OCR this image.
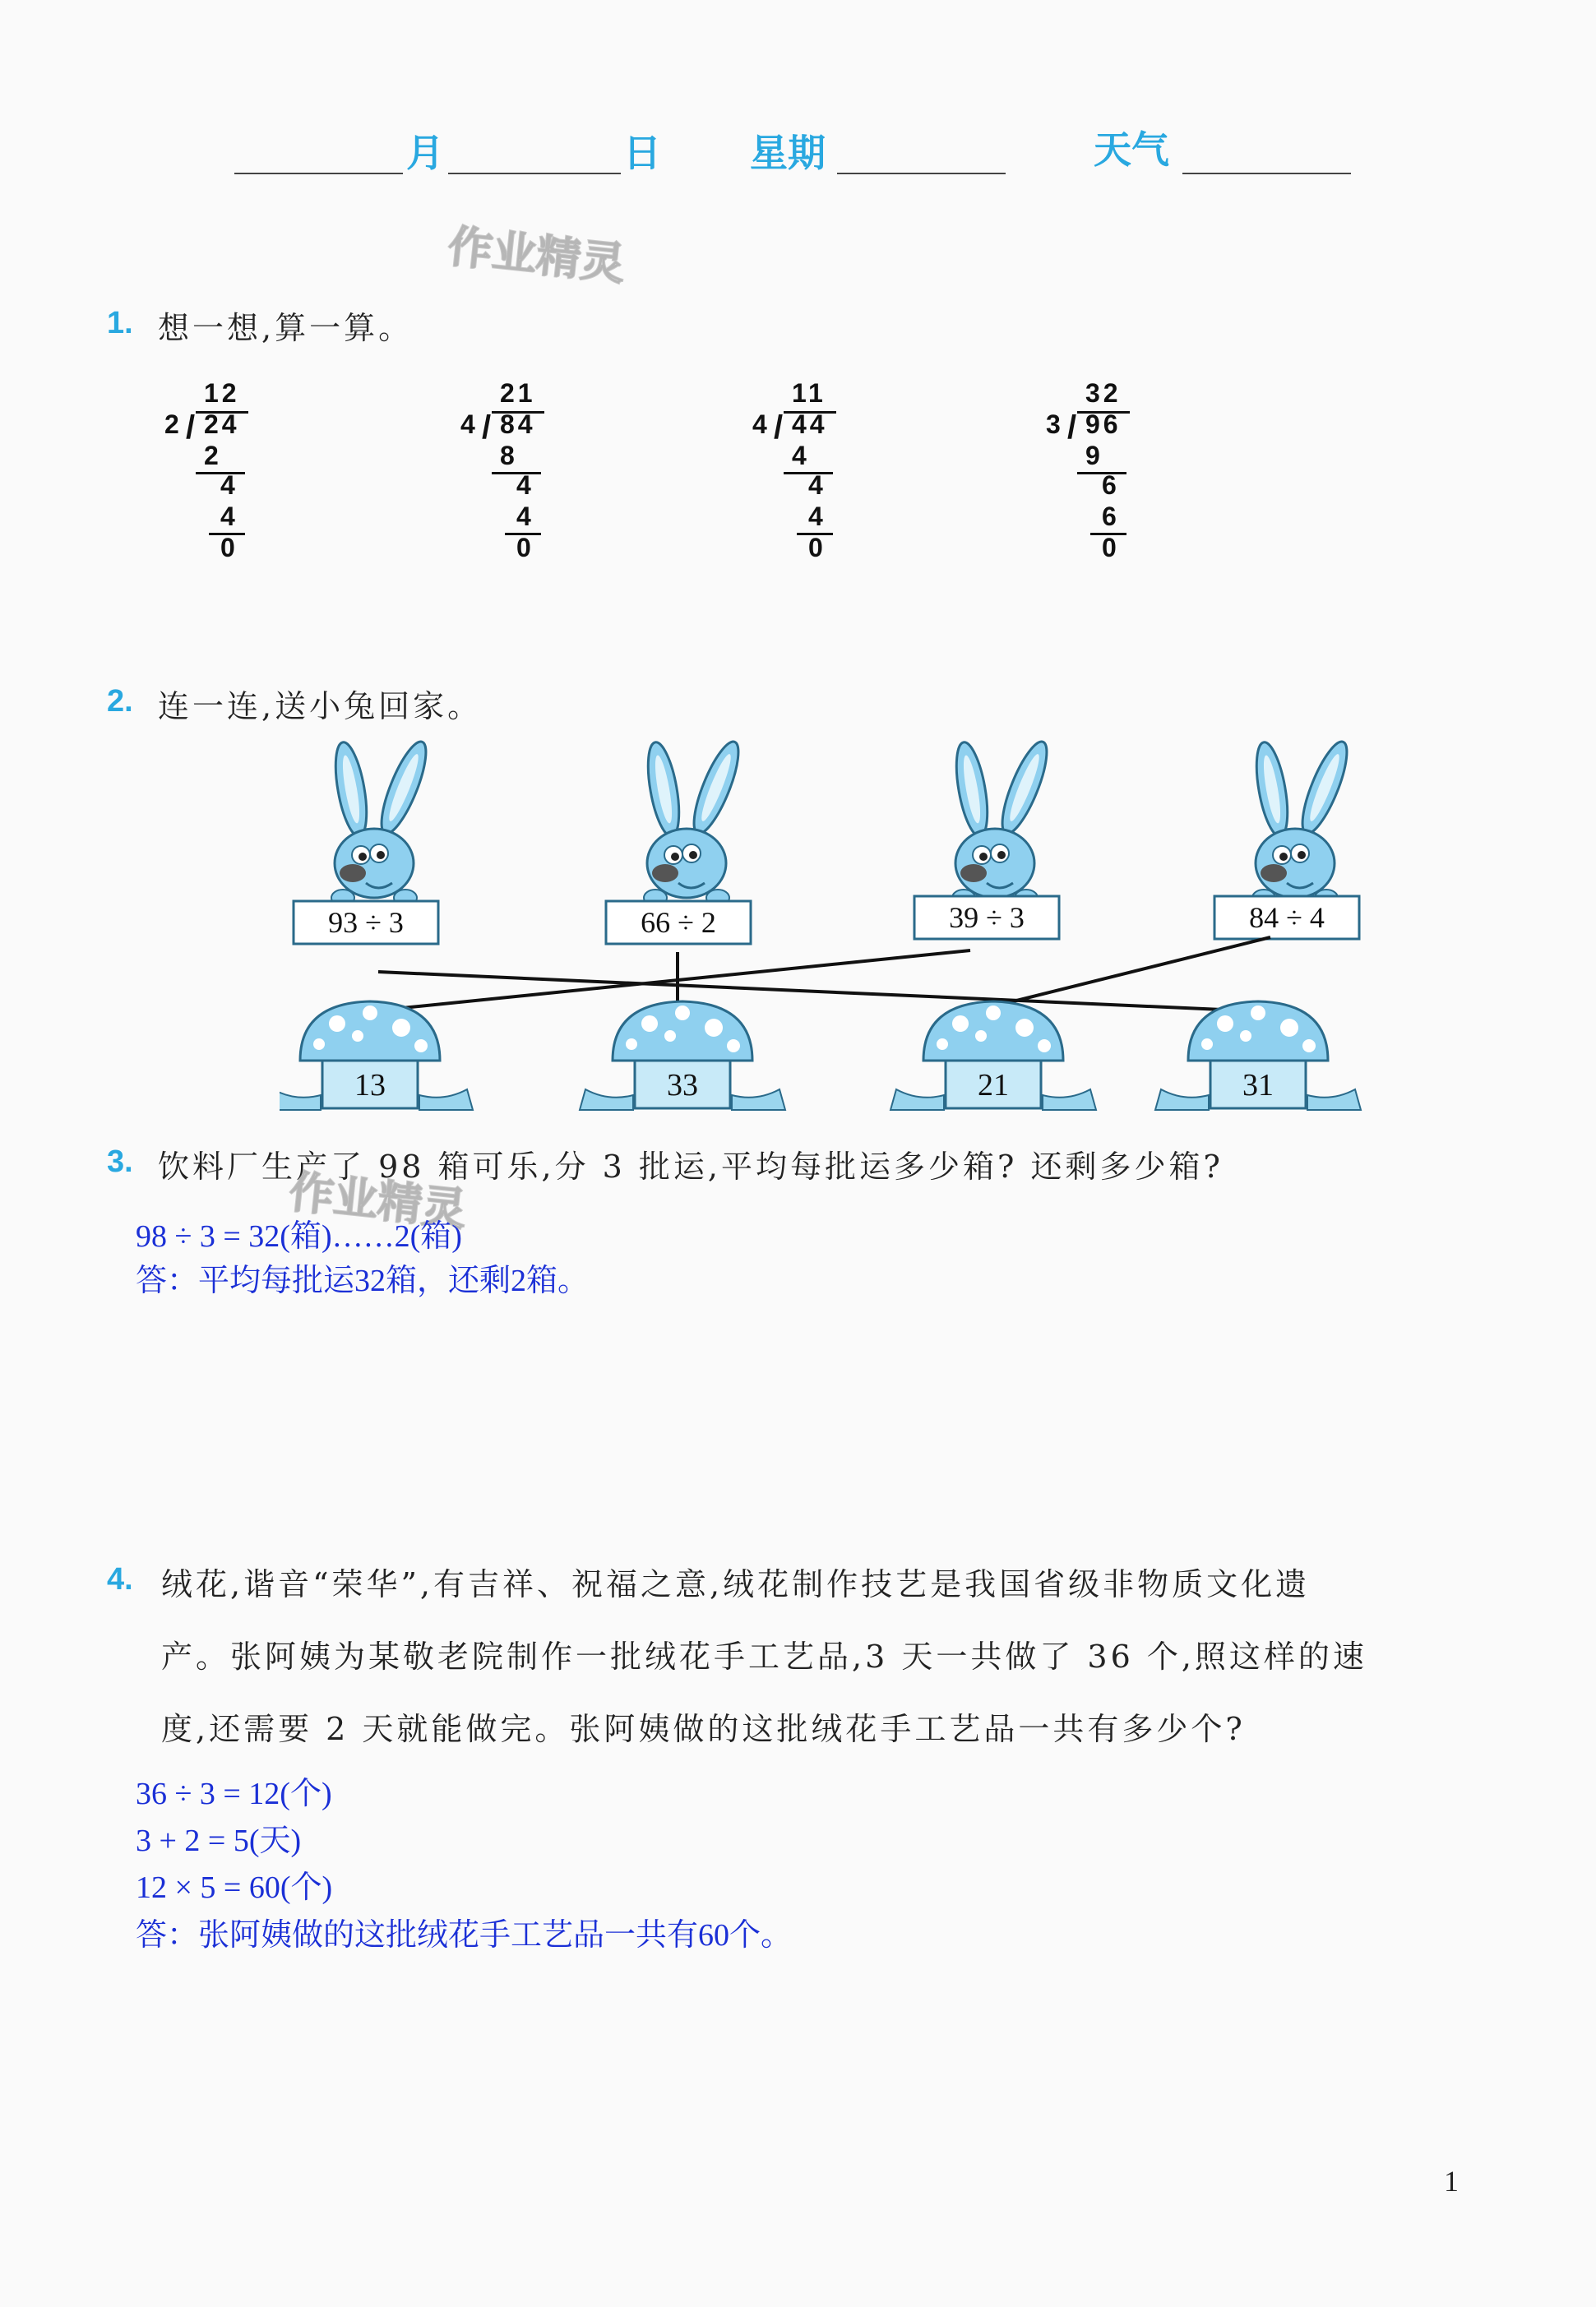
月	日 星期	天气
作业精灵
1. 想一想,算一算。
12
2 / 24
2
4
4
0
21
4 / 84
8
4
4
0
11
4 / 44
4
4
4
0
32
3 / 96
9
6
6
0
2. 连一连,送小兔回家。
93 ÷ 3	66 ÷ 2	39 ÷ 3	84 ÷ 4
13	33	21	31
3. 饮料厂生产了 98 箱可乐,分 3 批运,平均每批运多少箱? 还剩多少箱?
作业精灵
98 ÷ 3 = 32(箱)……2(箱)
答：平均每批运32箱，还剩2箱。
4. 绒花,谐音“荣华”,有吉祥、祝福之意,绒花制作技艺是我国省级非物质文化遗
产。张阿姨为某敬老院制作一批绒花手工艺品,3 天一共做了 36 个,照这样的速
度,还需要 2 天就能做完。张阿姨做的这批绒花手工艺品一共有多少个?
36 ÷ 3 = 12(个)
3 + 2 = 5(天)
12 × 5 = 60(个)
答：张阿姨做的这批绒花手工艺品一共有60个。
1
